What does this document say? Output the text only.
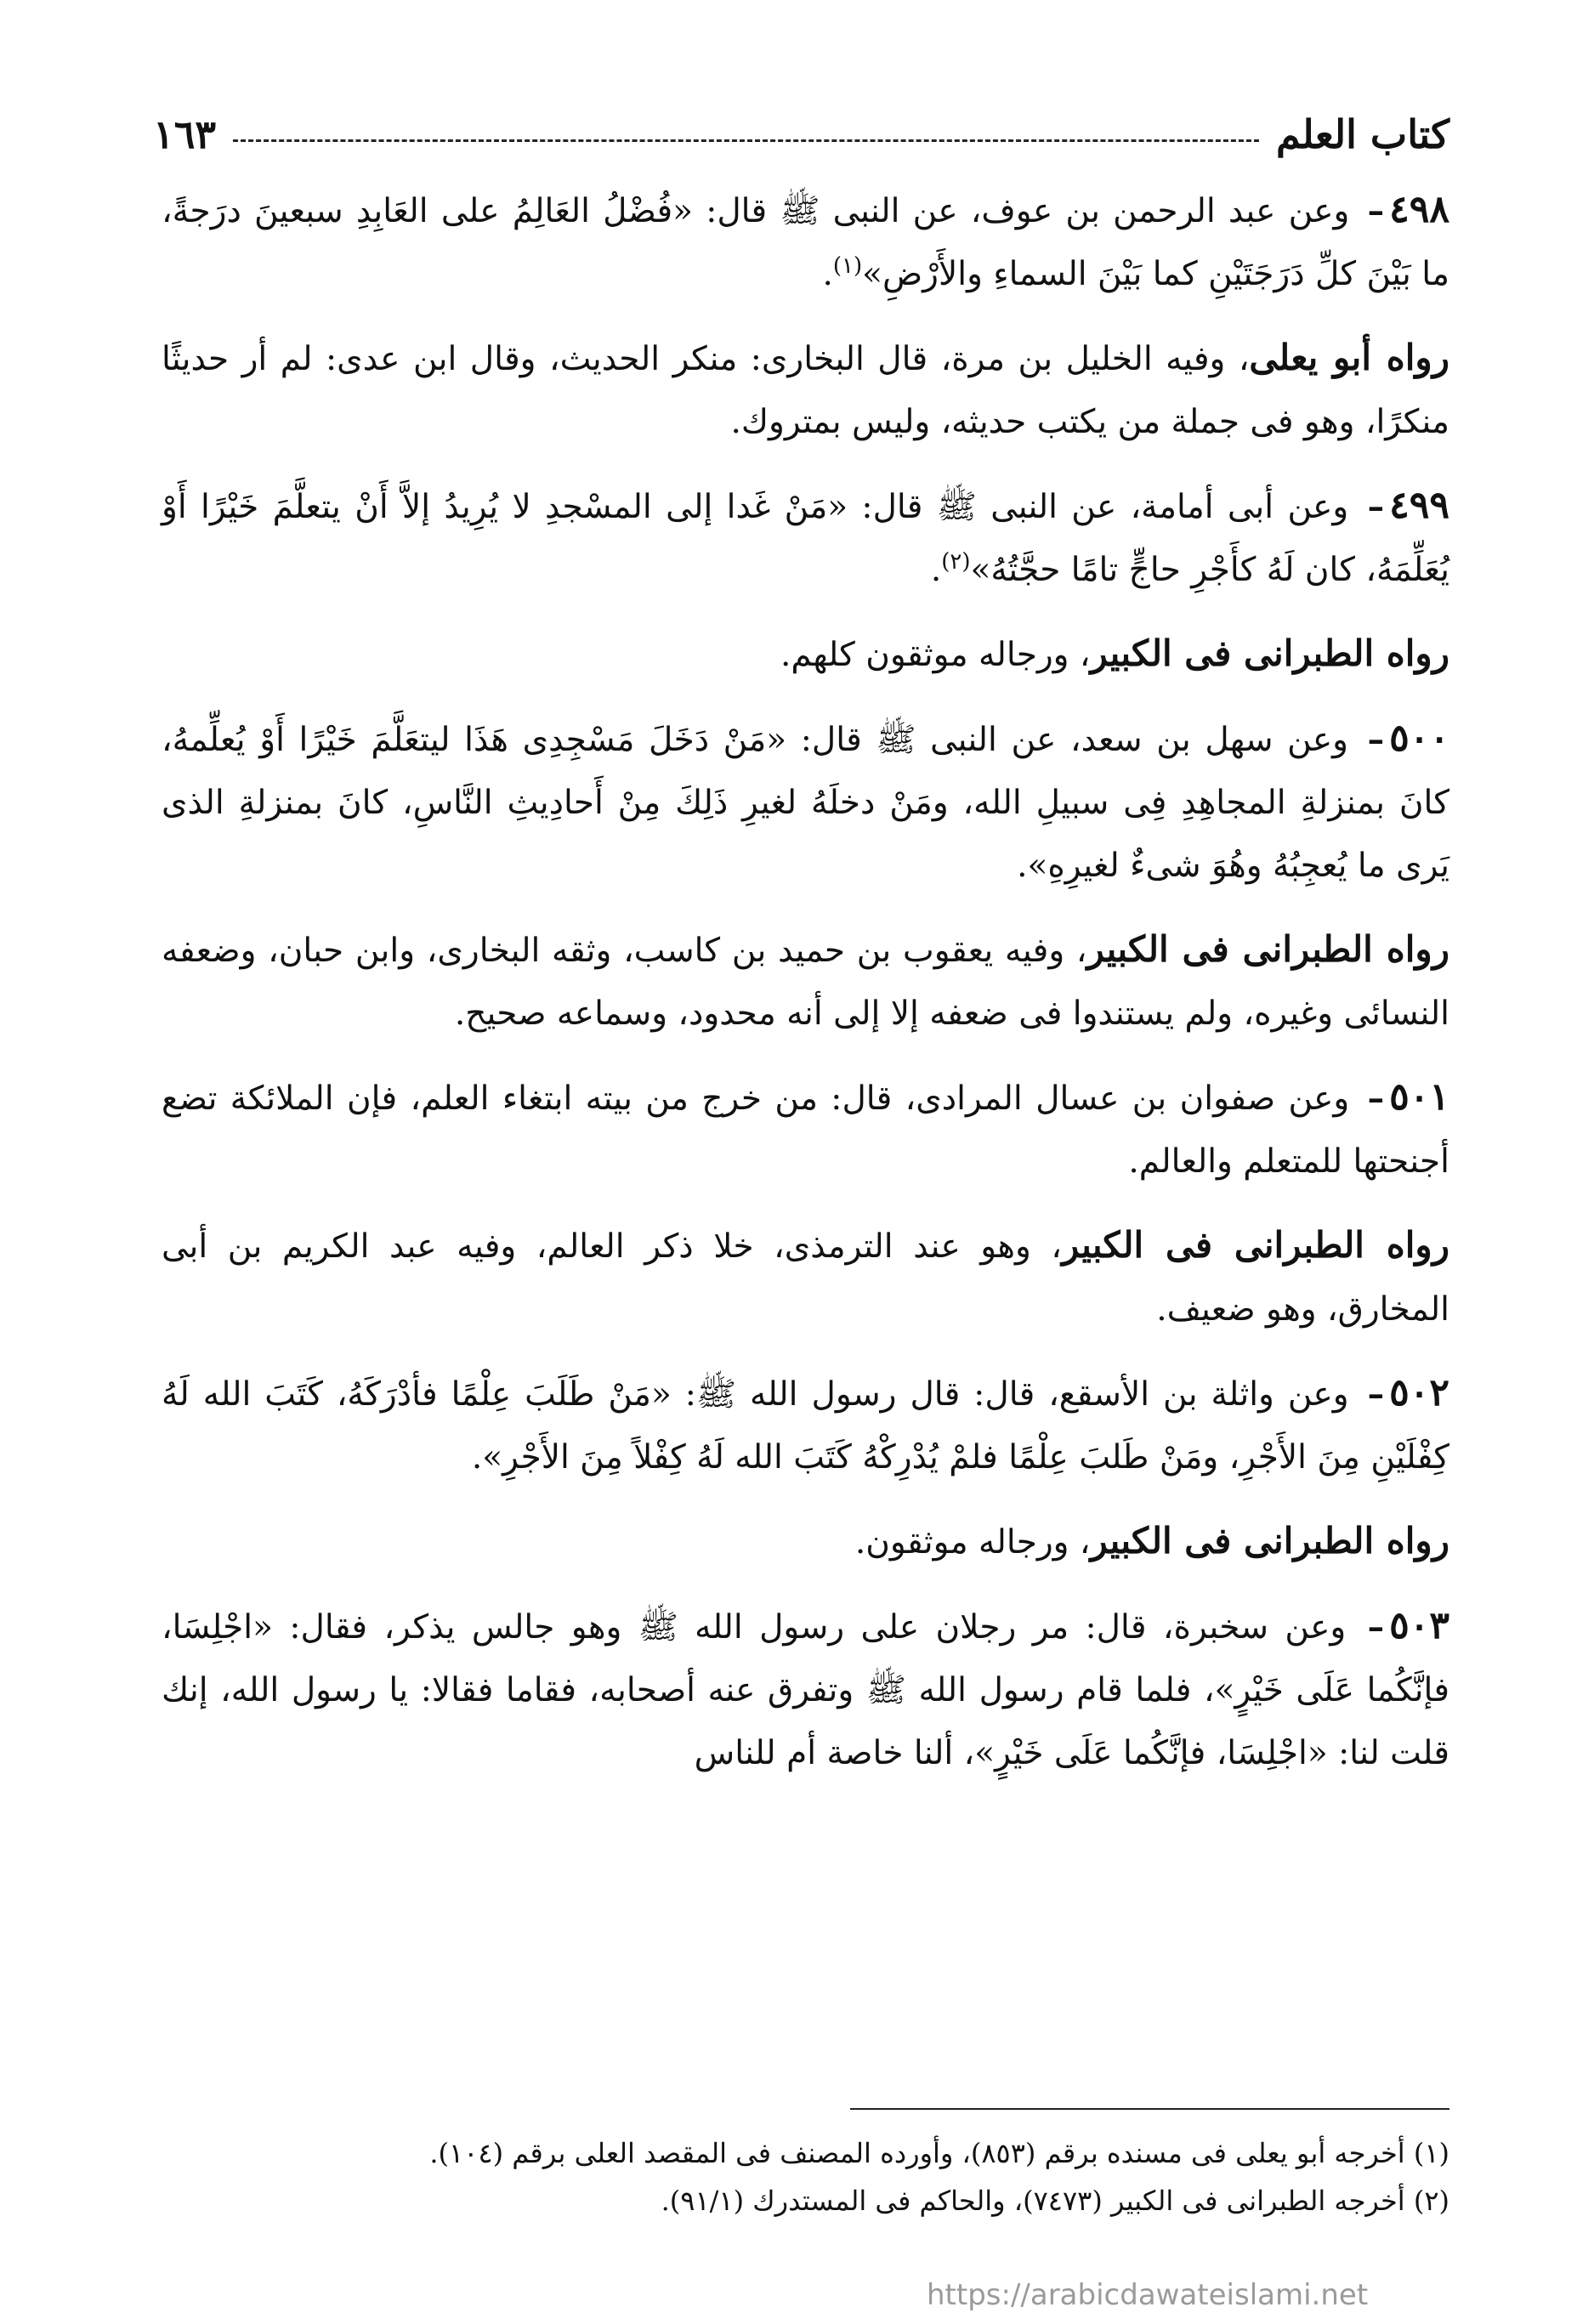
كتاب العلم
١٦٣

٤٩٨– وعن عبد الرحمن بن عوف، عن النبى ﷺ قال: «فُضْلُ العَالِمُ على العَابِدِ سبعينَ درَجةً، ما بَيْنَ كلِّ دَرَجَتَيْنِ كما بَيْنَ السماءِ والأَرْضِ»$^{(١)}$.

رواه أبو يعلى، وفيه الخليل بن مرة، قال البخارى: منكر الحديث، وقال ابن عدى: لم أر حديثًا منكرًا، وهو فى جملة من يكتب حديثه، وليس بمتروك.

٤٩٩– وعن أبى أمامة، عن النبى ﷺ قال: «مَنْ غَدا إلى المسْجدِ لا يُرِيدُ إلاَّ أَنْ يتعلَّمَ خَيْرًا أَوْ يُعَلِّمَهُ، كان لَهُ كأَجْرِ حاجٍّ تامًا حجَّتُهُ»$^{(٢)}$.

رواه الطبرانى فى الكبير، ورجاله موثقون كلهم.

٥٠٠– وعن سهل بن سعد، عن النبى ﷺ قال: «مَنْ دَخَلَ مَسْجِدِى هَذَا ليتعَلَّمَ خَيْرًا أَوْ يُعلِّمهُ، كانَ بمنزلةِ المجاهِدِ فِى سبيلِ الله، ومَنْ دخلَهُ لغيرِ ذَلِكَ مِنْ أَحادِيثِ النَّاسِ، كانَ بمنزلةِ الذى يَرى ما يُعجِبُهُ وهُوَ شىءٌ لغيرِهِ».

رواه الطبرانى فى الكبير، وفيه يعقوب بن حميد بن كاسب، وثقه البخارى، وابن حبان، وضعفه النسائى وغيره، ولم يستندوا فى ضعفه إلا إلى أنه محدود، وسماعه صحيح.

٥٠١– وعن صفوان بن عسال المرادى، قال: من خرج من بيته ابتغاء العلم، فإن الملائكة تضع أجنحتها للمتعلم والعالم.

رواه الطبرانى فى الكبير، وهو عند الترمذى، خلا ذكر العالم، وفيه عبد الكريم بن أبى المخارق، وهو ضعيف.

٥٠٢– وعن واثلة بن الأسقع، قال: قال رسول الله ﷺ: «مَنْ طَلَبَ عِلْمًا فأدْرَكَهُ، كَتَبَ الله لَهُ كِفْلَيْنِ مِنَ الأَجْرِ، ومَنْ طَلبَ عِلْمًا فلمْ يُدْرِكْهُ كَتَبَ الله لَهُ كِفْلاً مِنَ الأَجْرِ».

رواه الطبرانى فى الكبير، ورجاله موثقون.

٥٠٣– وعن سخبرة، قال: مر رجلان على رسول الله ﷺ وهو جالس يذكر، فقال: «اجْلِسَا، فإنَّكُما عَلَى خَيْرٍ»، فلما قام رسول الله ﷺ وتفرق عنه أصحابه، فقاما فقالا: يا رسول الله، إنك قلت لنا: «اجْلِسَا، فإنَّكُما عَلَى خَيْرٍ»، ألنا خاصة أم للناس

(١) أخرجه أبو يعلى فى مسنده برقم (٨٥٣)، وأورده المصنف فى المقصد العلى برقم (١٠٤).

(٢) أخرجه الطبرانى فى الكبير (٧٤٧٣)، والحاكم فى المستدرك (٩١/١).

https://arabicdawateislami.net
